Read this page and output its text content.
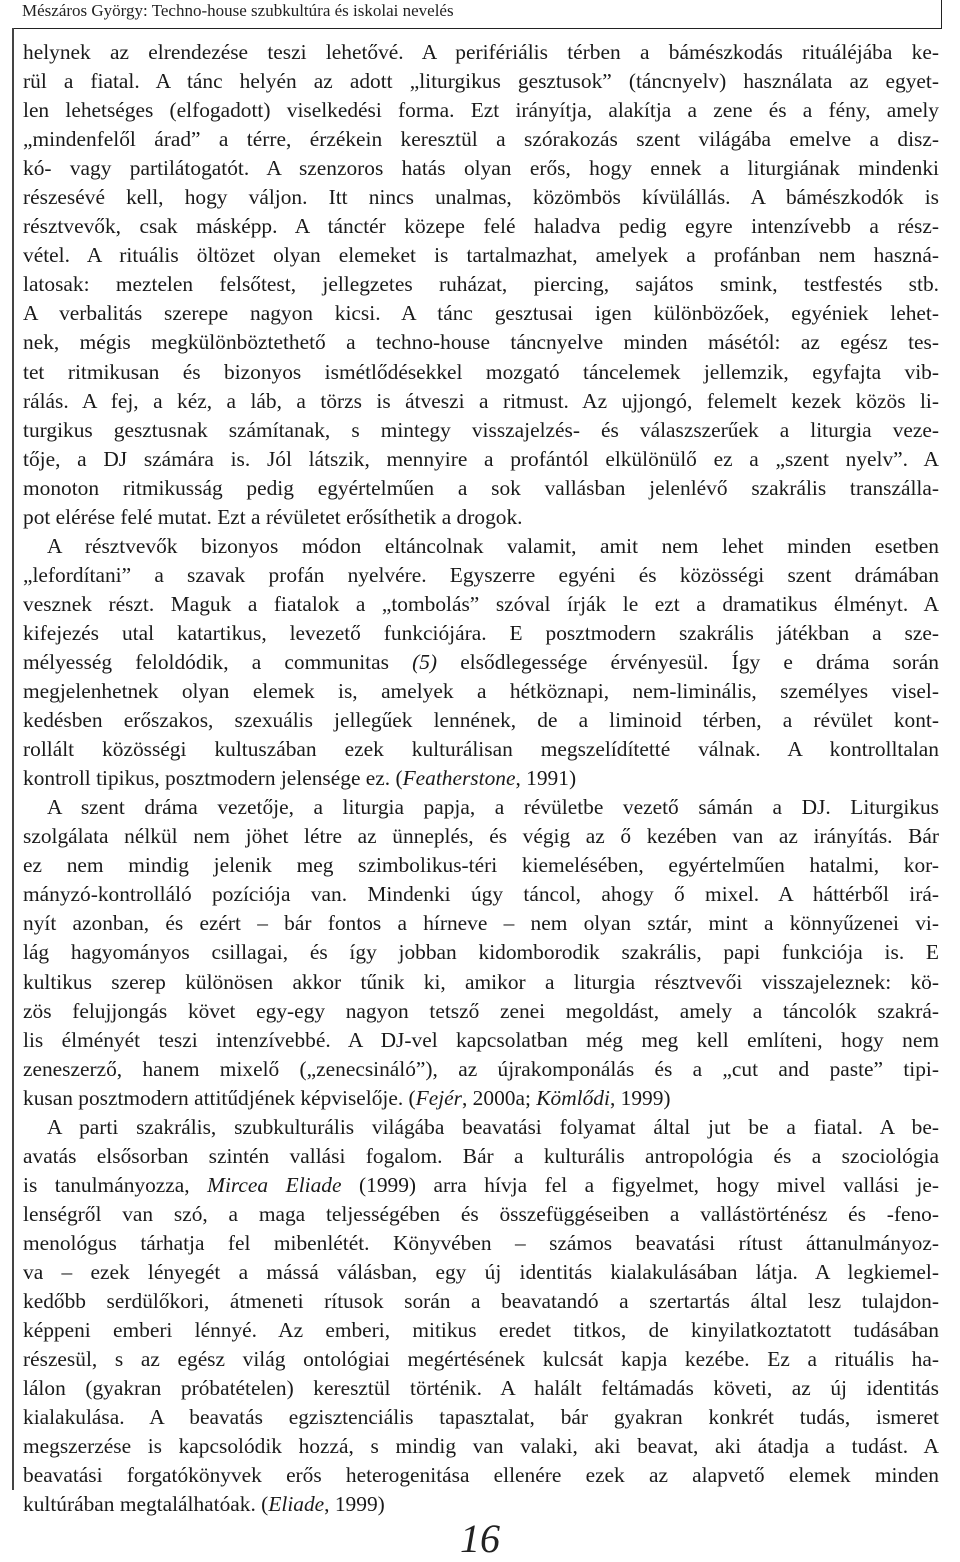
Mészáros György: Techno-house szubkultúra és iskolai nevelés
helynek az elrendezése teszi lehetővé. A perifériális térben a bámészkodás rituáléjába ke-
rül a fiatal. A tánc helyén az adott „liturgikus gesztusok” (táncnyelv) használata az egyet-
len lehetséges (elfogadott) viselkedési forma. Ezt irányítja, alakítja a zene és a fény, amely
„mindenfelől árad” a térre, érzékein keresztül a szórakozás szent világába emelve a disz-
kó- vagy partilátogatót. A szenzoros hatás olyan erős, hogy ennek a liturgiának mindenki
részesévé kell, hogy váljon. Itt nincs unalmas, közömbös kívülállás. A bámészkodók is
résztvevők, csak másképp. A tánctér közepe felé haladva pedig egyre intenzívebb a rész-
vétel. A rituális öltözet olyan elemeket is tartalmazhat, amelyek a profánban nem haszná-
latosak: meztelen felsőtest, jellegzetes ruházat, piercing, sajátos smink, testfestés stb.
A verbalitás szerepe nagyon kicsi. A tánc gesztusai igen különbözőek, egyéniek lehet-
nek, mégis megkülönböztethető a techno-house táncnyelve minden másétól: az egész tes-
tet ritmikusan és bizonyos ismétlődésekkel mozgató táncelemek jellemzik, egyfajta vib-
rálás. A fej, a kéz, a láb, a törzs is átveszi a ritmust. Az ujjongó, felemelt kezek közös li-
turgikus gesztusnak számítanak, s mintegy visszajelzés- és válaszszerűek a liturgia veze-
tője, a DJ számára is. Jól látszik, mennyire a profántól elkülönülő ez a „szent nyelv”. A
monoton ritmikusság pedig egyértelműen a sok vallásban jelenlévő szakrális transzálla-
pot elérése felé mutat. Ezt a révületet erősíthetik a drogok.
A résztvevők bizonyos módon eltáncolnak valamit, amit nem lehet minden esetben
„lefordítani” a szavak profán nyelvére. Egyszerre egyéni és közösségi szent drámában
vesznek részt. Maguk a fiatalok a „tombolás” szóval írják le ezt a dramatikus élményt. A
kifejezés utal katartikus, levezető funkciójára. E posztmodern szakrális játékban a sze-
mélyesség feloldódik, a communitas (5) elsődlegessége érvényesül. Így e dráma során
megjelenhetnek olyan elemek is, amelyek a hétköznapi, nem-liminális, személyes visel-
kedésben erőszakos, szexuális jellegűek lennének, de a liminoid térben, a révület kont-
rollált közösségi kultuszában ezek kulturálisan megszelídítetté válnak. A kontrolltalan
kontroll tipikus, posztmodern jelensége ez. (Featherstone, 1991)
A szent dráma vezetője, a liturgia papja, a révületbe vezető sámán a DJ. Liturgikus
szolgálata nélkül nem jöhet létre az ünneplés, és végig az ő kezében van az irányítás. Bár
ez nem mindig jelenik meg szimbolikus-téri kiemelésében, egyértelműen hatalmi, kor-
mányzó-kontrolláló pozíciója van. Mindenki úgy táncol, ahogy ő mixel. A háttérből irá-
nyít azonban, és ezért – bár fontos a hírneve – nem olyan sztár, mint a könnyűzenei vi-
lág hagyományos csillagai, és így jobban kidomborodik szakrális, papi funkciója is. E
kultikus szerep különösen akkor tűnik ki, amikor a liturgia résztvevői visszajeleznek: kö-
zös felujjongás követ egy-egy nagyon tetsző zenei megoldást, amely a táncolók szakrá-
lis élményét teszi intenzívebbé. A DJ-vel kapcsolatban még meg kell említeni, hogy nem
zeneszerző, hanem mixelő („zenecsináló”), az újrakomponálás és a „cut and paste” tipi-
kusan posztmodern attitűdjének képviselője. (Fejér, 2000a; Kömlődi, 1999)
A parti szakrális, szubkulturális világába beavatási folyamat által jut be a fiatal. A be-
avatás elsősorban szintén vallási fogalom. Bár a kulturális antropológia és a szociológia
is tanulmányozza, Mircea Eliade (1999) arra hívja fel a figyelmet, hogy mivel vallási je-
lenségről van szó, a maga teljességében és összefüggéseiben a vallástörténész és -feno-
menológus tárhatja fel mibenlétét. Könyvében – számos beavatási rítust áttanulmányoz-
va – ezek lényegét a mássá válásban, egy új identitás kialakulásában látja. A legkiemel-
kedőbb serdülőkori, átmeneti rítusok során a beavatandó a szertartás által lesz tulajdon-
képpeni emberi lénnyé. Az emberi, mitikus eredet titkos, de kinyilatkoztatott tudásában
részesül, s az egész világ ontológiai megértésének kulcsát kapja kezébe. Ez a rituális ha-
lálon (gyakran próbatételen) keresztül történik. A halált feltámadás követi, az új identitás
kialakulása. A beavatás egzisztenciális tapasztalat, bár gyakran konkrét tudás, ismeret
megszerzése is kapcsolódik hozzá, s mindig van valaki, aki beavat, aki átadja a tudást. A
beavatási forgatókönyvek erős heterogenitása ellenére ezek az alapvető elemek minden
kultúrában megtalálhatóak. (Eliade, 1999)
16
